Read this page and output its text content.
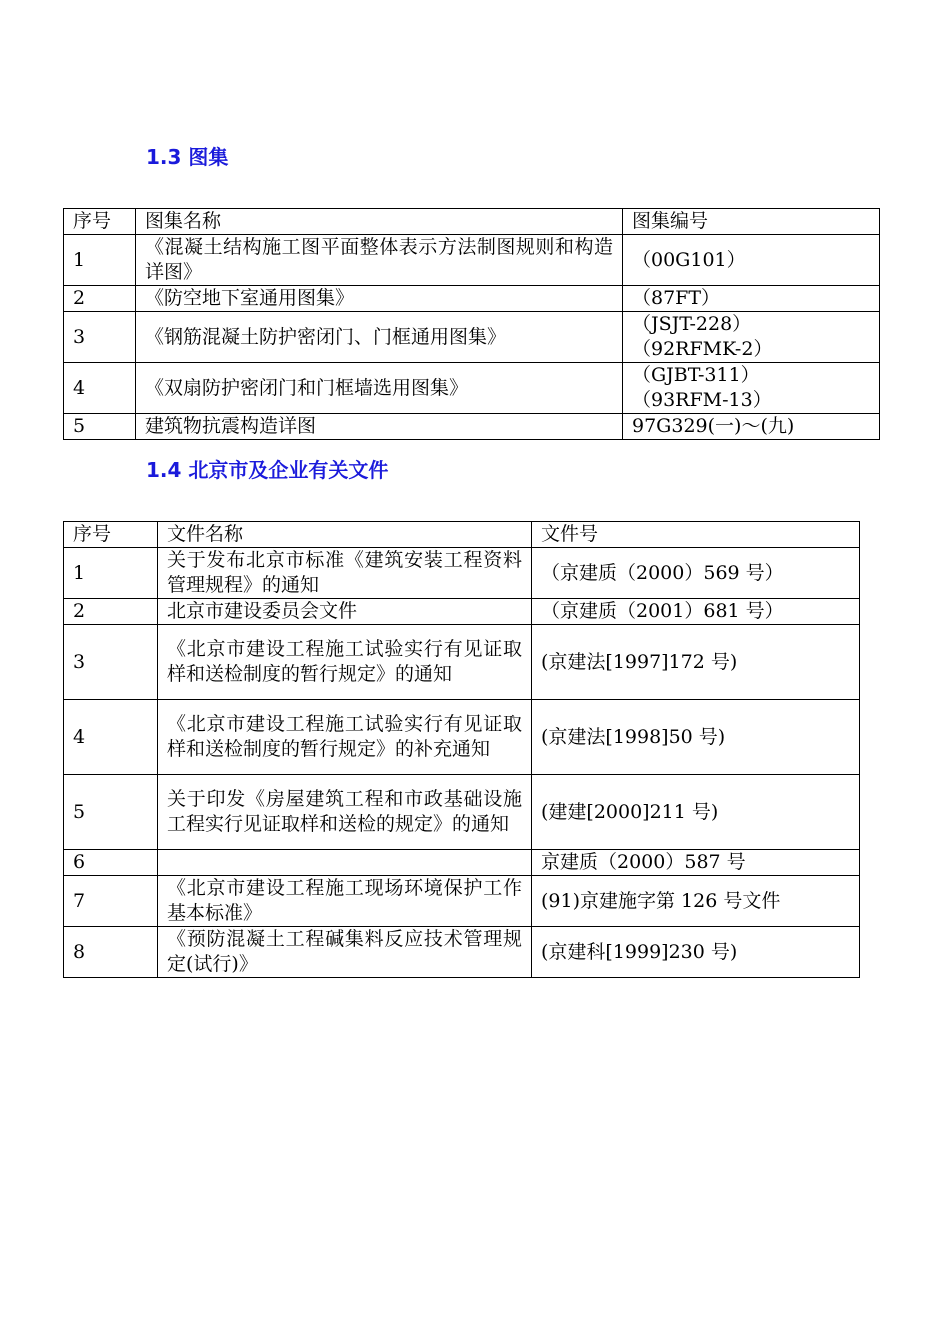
1.3 图集
序号	图集名称	图集编号
1	《混凝土结构施工图平面整体表示方法制图规则和构造详图》	（00G101）
2	《防空地下室通用图集》	（87FT）
3	《钢筋混凝土防护密闭门、门框通用图集》	（JSJT-228）
（92RFMK-2）

4	《双扇防护密闭门和门框墙选用图集》	（GJBT-311）
（93RFM-13）

5	建筑物抗震构造详图	97G329(一)～(九)
1.4 北京市及企业有关文件
序号	文件名称	文件号
1	关于发布北京市标准《建筑安装工程资料管理规程》的通知	（京建质（2000）569 号）
2	北京市建设委员会文件	（京建质（2001）681 号）
3	《北京市建设工程施工试验实行有见证取样和送检制度的暂行规定》的通知	(京建法[1997]172 号)
4	《北京市建设工程施工试验实行有见证取样和送检制度的暂行规定》的补充通知	(京建法[1998]50 号)
5	关于印发《房屋建筑工程和市政基础设施工程实行见证取样和送检的规定》的通知	(建建[2000]211 号)
6		京建质（2000）587 号
7	《北京市建设工程施工现场环境保护工作基本标准》	(91)京建施字第 126 号文件
8	《预防混凝土工程碱集料反应技术管理规定(试行)》	(京建科[1999]230 号)
